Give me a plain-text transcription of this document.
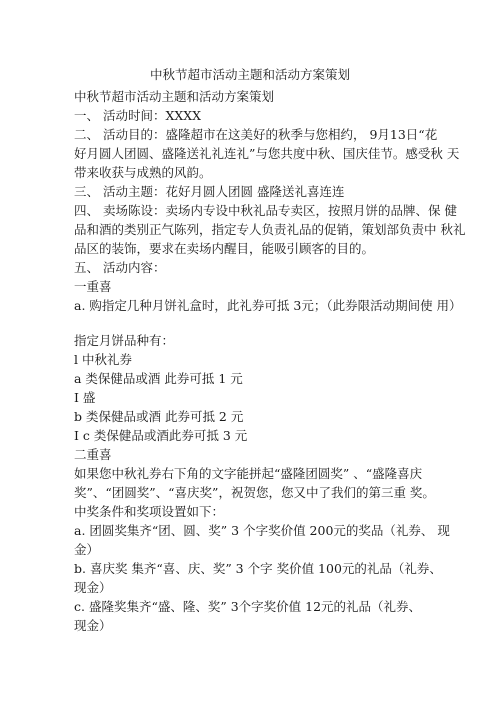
中秋节超市活动主题和活动方案策划
中秋节超市活动主题和活动方案策划
一、 活动时间：XXXX
二、 活动目的：盛隆超市在这美好的秋季与您相约， 9月13日“花
好月圆人团圆、盛隆送礼礼连礼”与您共度中秋、国庆佳节。感受秋 天
带来收获与成熟的风韵。
三、 活动主题：花好月圆人团圆 盛隆送礼喜连连
四、 卖场陈设：卖场内专设中秋礼品专卖区，按照月饼的品牌、保 健
品和酒的类别正气陈列，指定专人负责礼品的促销，策划部负责中 秋礼
品区的装饰，要求在卖场内醒目，能吸引顾客的目的。
五、 活动内容：
一重喜
a. 购指定几种月饼礼盒时，此礼券可抵 3元；（此券限活动期间使 用）
指定月饼品种有：
l 中秋礼券
a 类保健品或酒 此券可抵 1 元
I 盛
b 类保健品或酒 此券可抵 2 元
I c 类保健品或酒此券可抵 3 元
二重喜
如果您中秋礼券右下角的文字能拼起“盛隆团圆奖” 、“盛隆喜庆
奖”、“团圆奖”、“喜庆奖”，祝贺您，您又中了我们的第三重 奖。
中奖条件和奖项设置如下：
a. 团圆奖集齐“团、圆、奖” 3 个字奖价值 200元的奖品（礼券、 现
金）
b. 喜庆奖 集齐“喜、庆、奖” 3 个字 奖价值 100元的礼品（礼券、
现金）
c. 盛隆奖集齐“盛、隆、奖” 3个字奖价值 12元的礼品（礼券、
现金）
